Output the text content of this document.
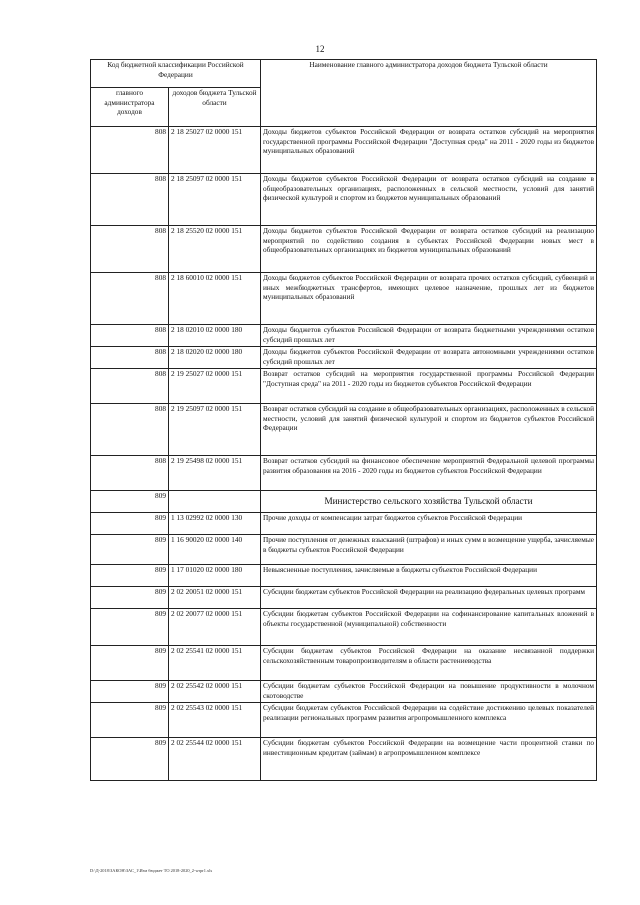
12
Код бюджетной классификации Российской Федерации		Наименование главного администратора доходов бюджета Тульской области
главного администратора доходов	доходов бюджета Тульской области	
808	2 18 25027 02 0000 151	Доходы бюджетов субъектов Российской Федерации от возврата остатков субсидий на мероприятия государственной программы Российской Федерации "Доступная среда" на 2011 - 2020 годы из бюджетов муниципальных образований
808	2 18 25097 02 0000 151	Доходы бюджетов субъектов Российской Федерации от возврата остатков субсидий на создание в общеобразовательных организациях, расположенных в сельской местности, условий для занятий физической культурой и спортом из бюджетов муниципальных образований
808	2 18 25520 02 0000 151	Доходы бюджетов субъектов Российской Федерации от возврата остатков субсидий на реализацию мероприятий по содействию создания в субъектах Российской Федерации новых мест в общеобразовательных организациях из бюджетов муниципальных образований
808	2 18 60010 02 0000 151	Доходы бюджетов субъектов Российской Федерации от возврата прочих остатков субсидий, субвенций и иных межбюджетных трансфертов, имеющих целевое назначение, прошлых лет из бюджетов муниципальных образований
808	2 18 02010 02 0000 180	Доходы бюджетов субъектов Российской Федерации от возврата бюджетными учреждениями остатков субсидий прошлых лет
808	2 18 02020 02 0000 180	Доходы бюджетов субъектов Российской Федерации от возврата автономными учреждениями остатков субсидий прошлых лет
808	2 19 25027 02 0000 151	Возврат остатков субсидий на мероприятия государственной программы Российской Федерации "Доступная среда" на 2011 - 2020 годы из бюджетов субъектов Российской Федерации
808	2 19 25097 02 0000 151	Возврат остатков субсидий на создание в общеобразовательных организациях, расположенных в сельской местности, условий для занятий физической культурой и спортом из бюджетов субъектов Российской Федерации
808	2 19 25498 02 0000 151	Возврат остатков субсидий на финансовое обеспечение мероприятий Федеральной целевой программы развития образования на 2016 - 2020 годы из бюджетов субъектов Российской Федерации
809		Министерство сельского хозяйства Тульской области
809	1 13 02992 02 0000 130	Прочие доходы от компенсации затрат бюджетов субъектов Российской Федерации
809	1 16 90020 02 0000 140	Прочие поступления от денежных взысканий (штрафов) и иных сумм в возмещение ущерба, зачисляемые в бюджеты субъектов Российской Федерации
809	1 17 01020 02 0000 180	Невыясненные поступления, зачисляемые в бюджеты субъектов Российской Федерации
809	2 02 20051 02 0000 151	Субсидии бюджетам субъектов Российской Федерации на реализацию федеральных целевых программ
809	2 02 20077 02 0000 151	Субсидии бюджетам субъектов Российской Федерации на софинансирование капитальных вложений в объекты государственной (муниципальной) собственности
809	2 02 25541 02 0000 151	Субсидии бюджетам субъектов Российской Федерации на оказание несвязанной поддержки сельскохозяйственным товаропроизводителям в области растениеводства
809	2 02 25542 02 0000 151	Субсидии бюджетам субъектов Российской Федерации на повышение продуктивности в молочном скотоводстве
809	2 02 25543 02 0000 151	Субсидии бюджетам субъектов Российской Федерации на содействие достижению целевых показателей реализации региональных программ развития агропромышленного комплекса
809	2 02 25544 02 0000 151	Субсидии бюджетам субъектов Российской Федерации на возмещение части процентной ставки по инвестиционным кредитам (займам) в агропромышленном комплексе
D:\Д-2018\ЗАКОН\ЗАС_1\Изм бюджет ТО 2018-2020_2-wrpr1.xls
